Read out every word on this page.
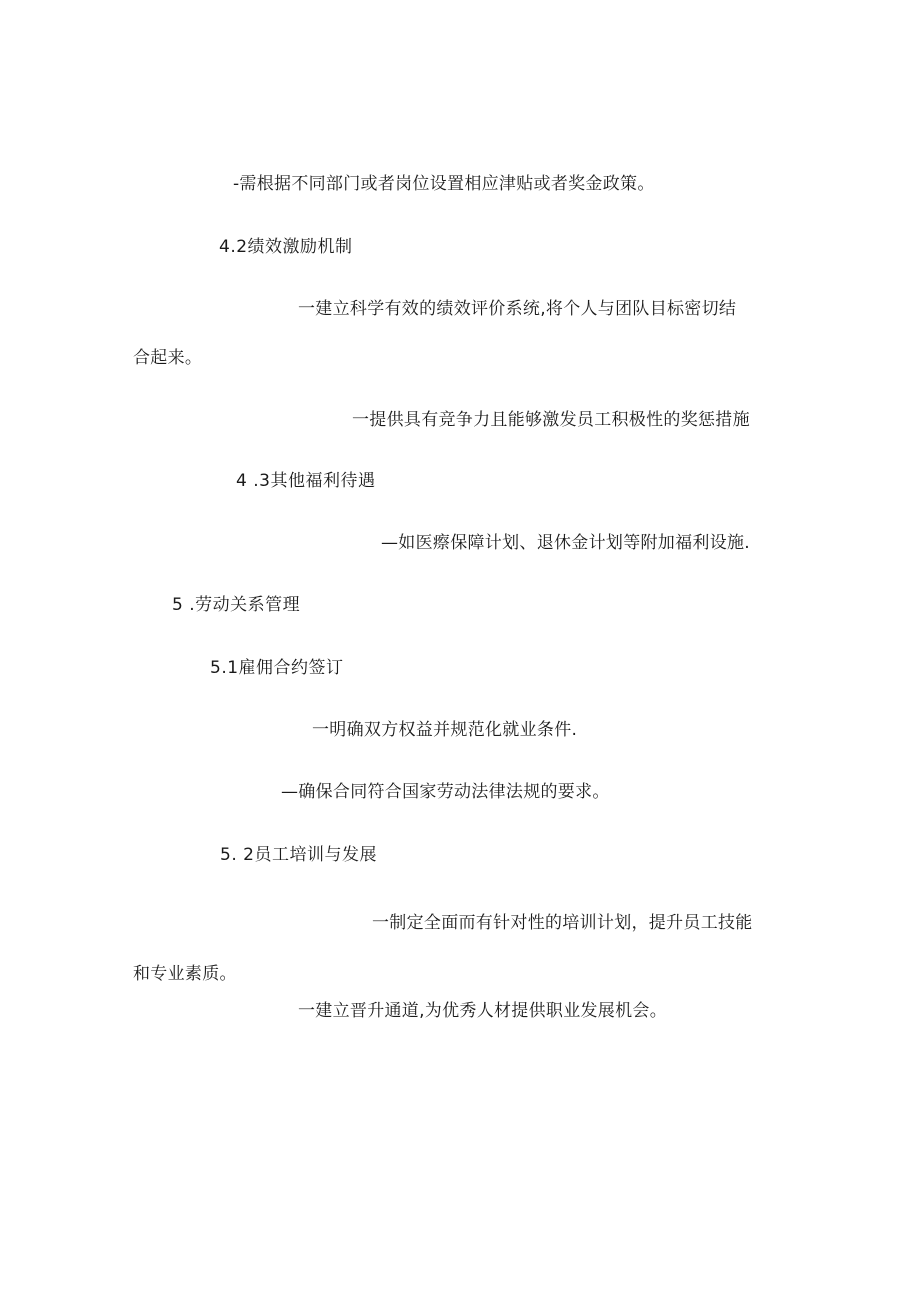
-需根据不同部门或者岗位设置相应津贴或者奖金政策。
4.2绩效激励机制
一建立科学有效的绩效评价系统,将个人与团队目标密切结
合起来。
一提供具有竞争力且能够激发员工积极性的奖惩措施
4 .3其他福利待遇
—如医瘵保障计划、退休金计划等附加福利设施.
5 .劳动关系管理
5.1雇佣合约签订
一明确双方权益并规范化就业条件.
—确保合同符合国家劳动法律法规的要求。
5. 2员工培训与发展
一制定全面而有针对性的培训计划，提升员工技能
和专业素质。
一建立晋升通道,为优秀人材提供职业发展机会。
